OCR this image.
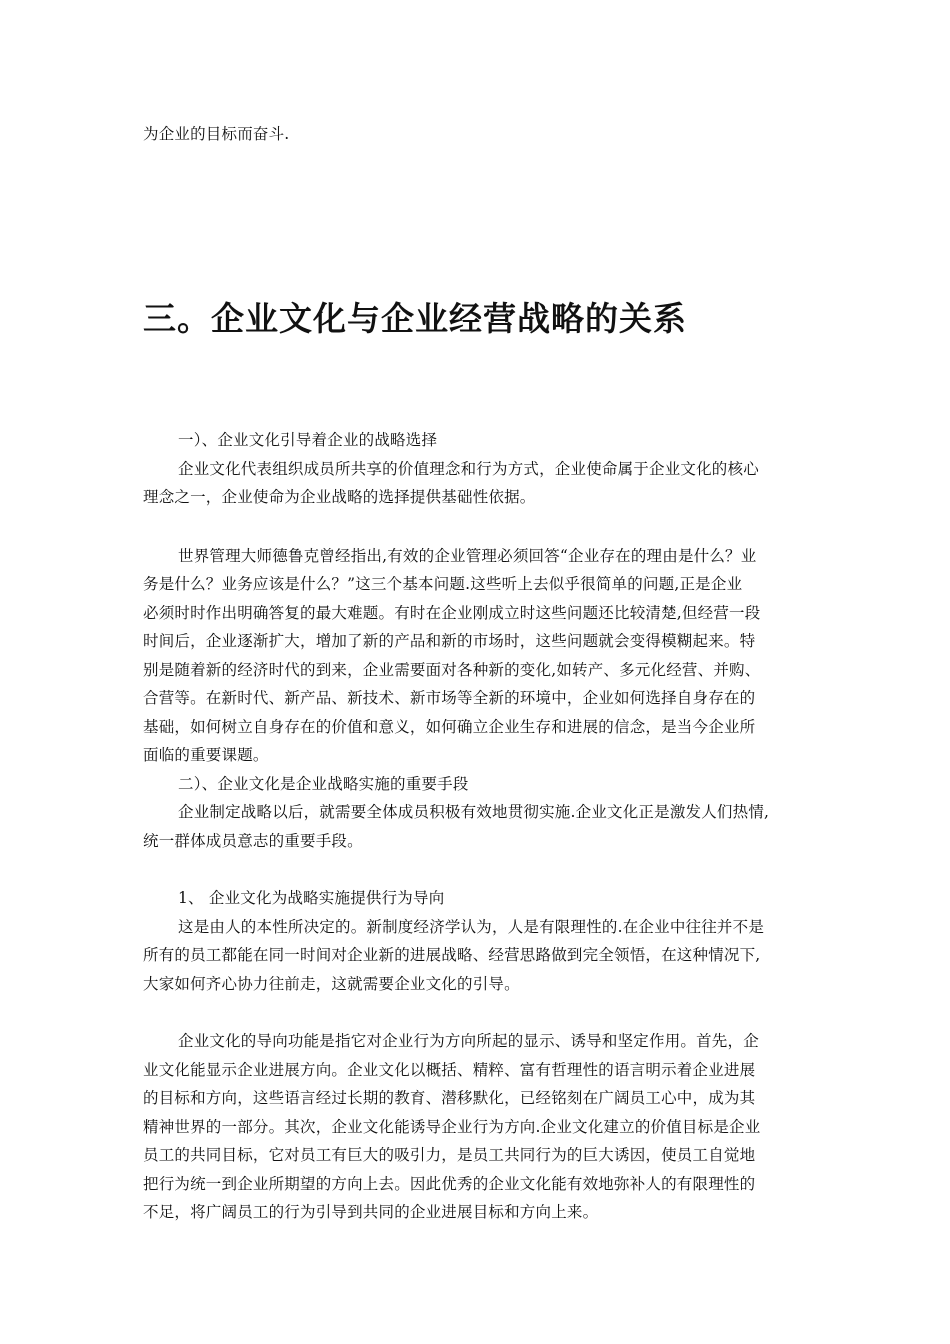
为企业的目标而奋斗.
三。企业文化与企业经营战略的关系
一）、企业文化引导着企业的战略选择
企业文化代表组织成员所共享的价值理念和行为方式，企业使命属于企业文化的核心
理念之一，企业使命为企业战略的选择提供基础性依据。
世界管理大师德鲁克曾经指出,有效的企业管理必须回答“企业存在的理由是什么？业
务是什么？业务应该是什么？”这三个基本问题.这些听上去似乎很简单的问题,正是企业
必须时时作出明确答复的最大难题。有时在企业刚成立时这些问题还比较清楚,但经营一段
时间后，企业逐渐扩大，增加了新的产品和新的市场时，这些问题就会变得模糊起来。特
别是随着新的经济时代的到来，企业需要面对各种新的变化,如转产、多元化经营、并购、
合营等。在新时代、新产品、新技术、新市场等全新的环境中，企业如何选择自身存在的
基础，如何树立自身存在的价值和意义，如何确立企业生存和进展的信念，是当今企业所
面临的重要课题。
二）、企业文化是企业战略实施的重要手段
企业制定战略以后，就需要全体成员积极有效地贯彻实施.企业文化正是激发人们热情,
统一群体成员意志的重要手段。
1、 企业文化为战略实施提供行为导向
这是由人的本性所决定的。新制度经济学认为，人是有限理性的.在企业中往往并不是
所有的员工都能在同一时间对企业新的进展战略、经营思路做到完全领悟，在这种情况下,
大家如何齐心协力往前走，这就需要企业文化的引导。
企业文化的导向功能是指它对企业行为方向所起的显示、诱导和坚定作用。首先，企
业文化能显示企业进展方向。企业文化以概括、精粹、富有哲理性的语言明示着企业进展
的目标和方向，这些语言经过长期的教育、潜移默化，已经铭刻在广阔员工心中，成为其
精神世界的一部分。其次，企业文化能诱导企业行为方向.企业文化建立的价值目标是企业
员工的共同目标，它对员工有巨大的吸引力，是员工共同行为的巨大诱因，使员工自觉地
把行为统一到企业所期望的方向上去。因此优秀的企业文化能有效地弥补人的有限理性的
不足，将广阔员工的行为引导到共同的企业进展目标和方向上来。
